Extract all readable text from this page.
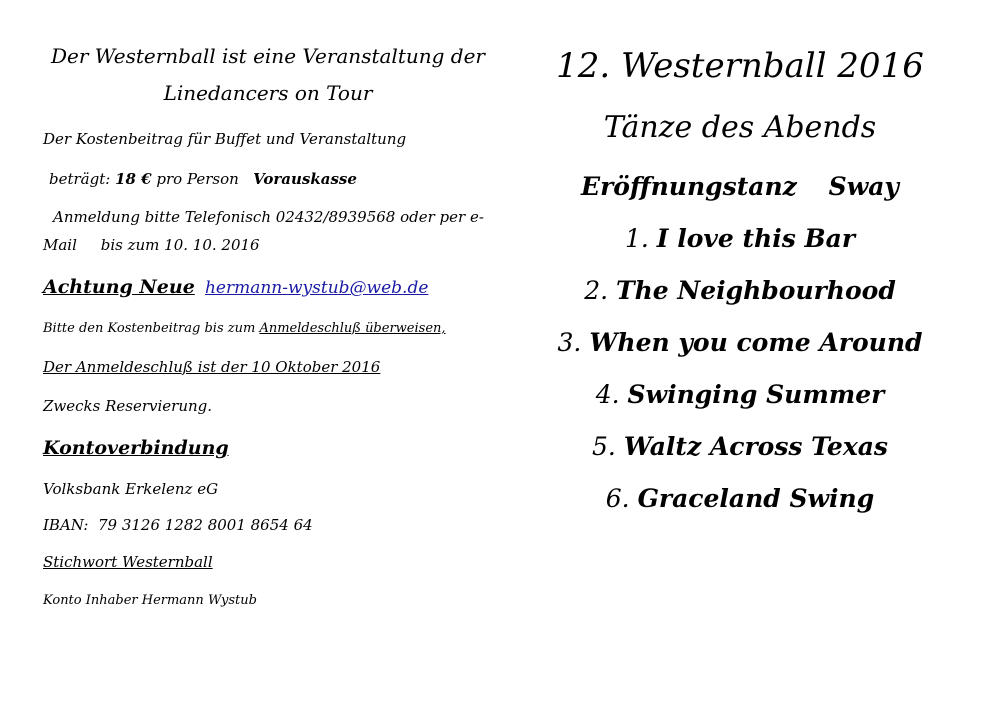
Der Westernball ist eine Veranstaltung der
Linedancers on Tour
Der Kostenbeitrag für Buffet und Veranstaltung
beträgt: 18 € pro Person Vorauskasse
Anmeldung bitte Telefonisch 02432/8939568 oder per e-
Mail     bis zum 10. 10. 2016
Achtung Neue hermann-wystub@web.de
Bitte den Kostenbeitrag bis zum Anmeldeschluß überweisen,
Der Anmeldeschluß ist der 10 Oktober 2016
Zwecks Reservierung.
Kontoverbindung
Volksbank Erkelenz eG
IBAN:  79 3126 1282 8001 8654 64
Stichwort Westernball
Konto Inhaber Hermann Wystub
12. Westernball 2016
Tänze des Abends
Eröffnungstanz Sway
1. I love this Bar
2. The Neighbourhood
3. When you come Around
4. Swinging Summer
5. Waltz Across Texas
6. Graceland Swing
